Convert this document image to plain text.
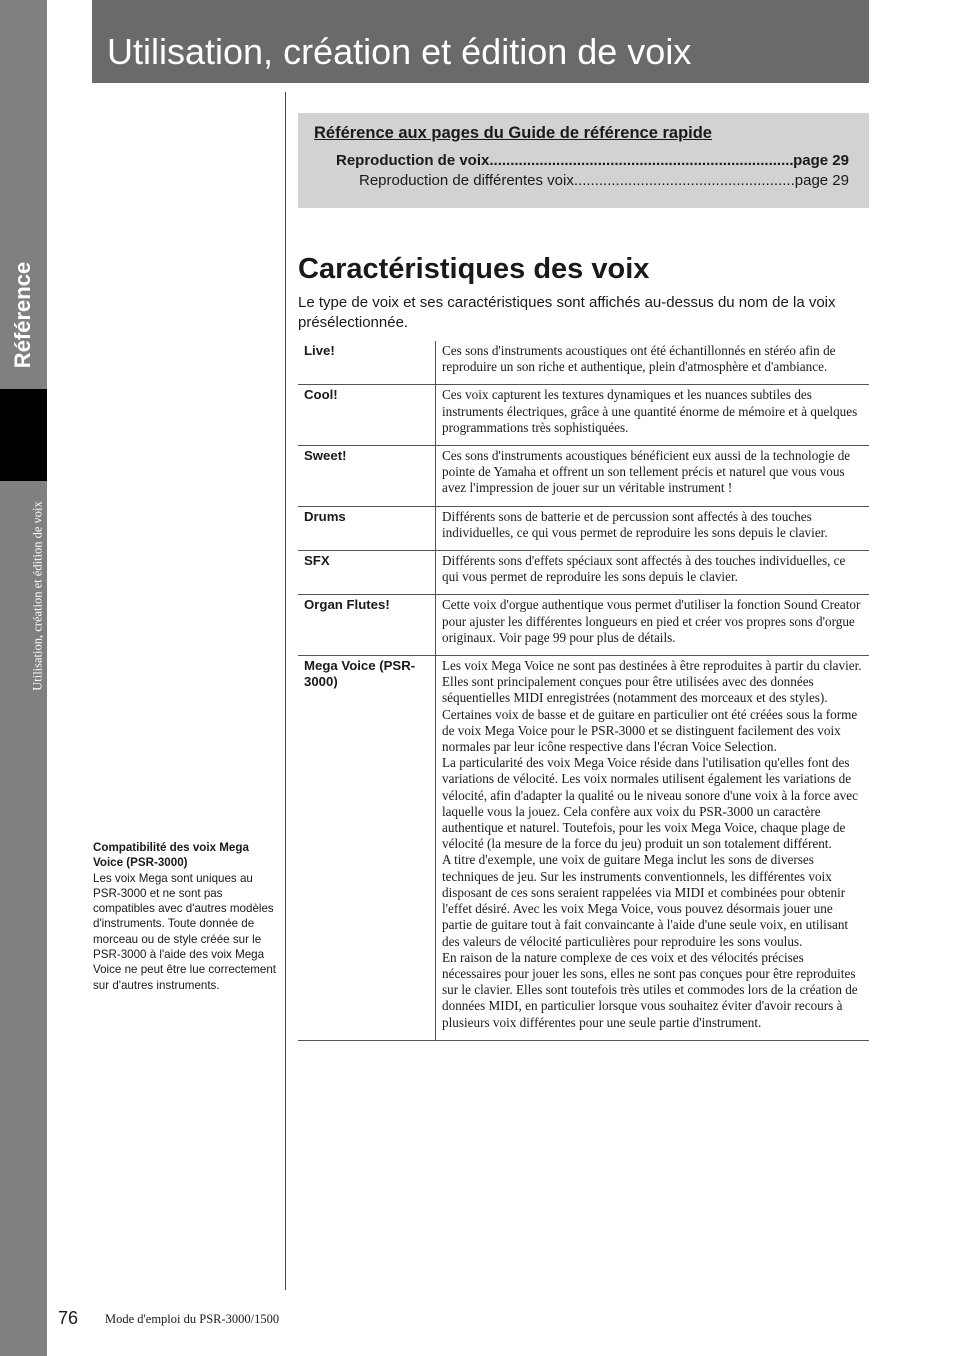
Référence
Utilisation, création et édition de voix
Utilisation, création et édition de voix
Référence aux pages du Guide de référence rapide
Reproduction de voix .....	page 29
Reproduction de différentes voix .....	page 29
Caractéristiques des voix

Le type de voix et ses caractéristiques sont affichés au-dessus du nom de la voix présélectionnée.

Live!	Ces sons d'instruments acoustiques ont été échantillonnés en stéréo afin de reproduire un son riche et authentique, plein d'atmosphère et d'ambiance.

Cool!	Ces voix capturent les textures dynamiques et les nuances subtiles des instruments électriques, grâce à une quantité énorme de mémoire et à quelques programmations très sophistiquées.

Sweet!	Ces sons d'instruments acoustiques bénéficient eux aussi de la technologie de pointe de Yamaha et offrent un son tellement précis et naturel que vous vous avez l'impression de jouer sur un véritable instrument !

Drums	Différents sons de batterie et de percussion sont affectés à des touches individuelles, ce qui vous permet de reproduire les sons depuis le clavier.

SFX	Différents sons d'effets spéciaux sont affectés à des touches individuelles, ce qui vous permet de reproduire les sons depuis le clavier.

Organ Flutes!	Cette voix d'orgue authentique vous permet d'utiliser la fonction Sound Creator pour ajuster les différentes longueurs en pied et créer vos propres sons d'orgue originaux. Voir page 99 pour plus de détails.

Mega Voice (PSR-3000)	Les voix Mega Voice ne sont pas destinées à être reproduites à partir du clavier. Elles sont principalement conçues pour être utilisées avec des données séquentielles MIDI enregistrées (notamment des morceaux et des styles). Certaines voix de basse et de guitare en particulier ont été créées sous la forme de voix Mega Voice pour le PSR-3000 et se distinguent facilement des voix normales par leur icône respective dans l'écran Voice Selection.

La particularité des voix Mega Voice réside dans l'utilisation qu'elles font des variations de vélocité. Les voix normales utilisent également les variations de vélocité, afin d'adapter la qualité ou le niveau sonore d'une voix à la force avec laquelle vous la jouez. Cela confère aux voix du PSR-3000 un caractère authentique et naturel. Toutefois, pour les voix Mega Voice, chaque plage de vélocité (la mesure de la force du jeu) produit un son totalement différent.

A titre d'exemple, une voix de guitare Mega inclut les sons de diverses techniques de jeu. Sur les instruments conventionnels, les différentes voix disposant de ces sons seraient rappelées via MIDI et combinées pour obtenir l'effet désiré. Avec les voix Mega Voice, vous pouvez désormais jouer une partie de guitare tout à fait convaincante à l'aide d'une seule voix, en utilisant des valeurs de vélocité particulières pour reproduire les sons voulus.

En raison de la nature complexe de ces voix et des vélocités précises nécessaires pour jouer les sons, elles ne sont pas conçues pour être reproduites sur le clavier. Elles sont toutefois très utiles et commodes lors de la création de données MIDI, en particulier lorsque vous souhaitez éviter d'avoir recours à plusieurs voix différentes pour une seule partie d'instrument.

Compatibilité des voix Mega Voice (PSR-3000)
Les voix Mega sont uniques au PSR-3000 et ne sont pas compatibles avec d'autres modèles d'instruments. Toute donnée de morceau ou de style créée sur le PSR-3000 à l'aide des voix Mega Voice ne peut être lue correctement sur d'autres instruments.
76 Mode d'emploi du PSR-3000/1500
